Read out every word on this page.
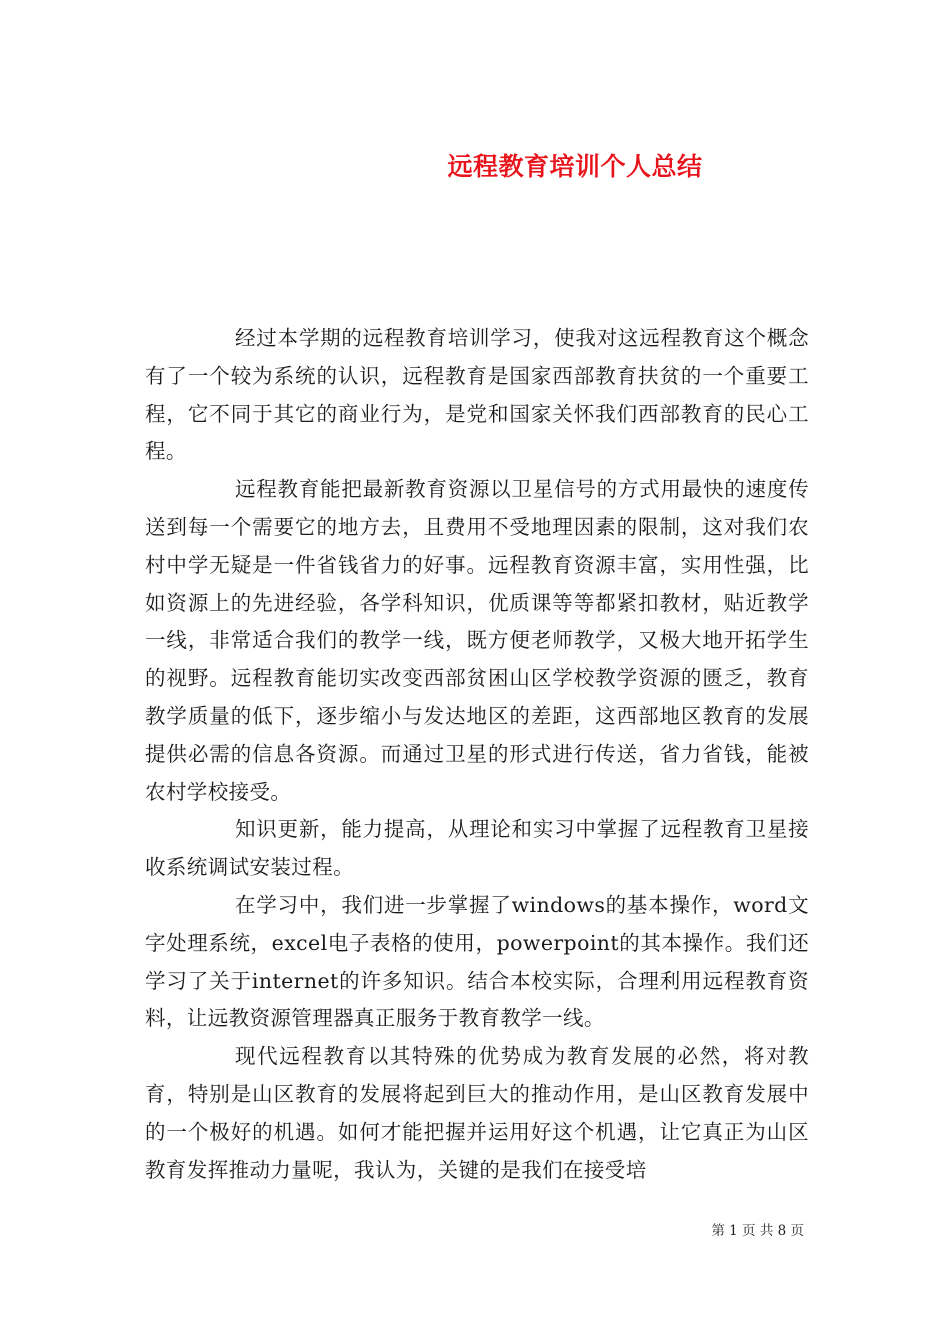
远程教育培训个人总结

经过本学期的远程教育培训学习，使我对这远程教育这个概念有了一个较为系统的认识，远程教育是国家西部教育扶贫的一个重要工程，它不同于其它的商业行为，是党和国家关怀我们西部教育的民心工程。

远程教育能把最新教育资源以卫星信号的方式用最快的速度传送到每一个需要它的地方去，且费用不受地理因素的限制，这对我们农村中学无疑是一件省钱省力的好事。远程教育资源丰富，实用性强，比如资源上的先进经验，各学科知识，优质课等等都紧扣教材，贴近教学一线，非常适合我们的教学一线，既方便老师教学，又极大地开拓学生的视野。远程教育能切实改变西部贫困山区学校教学资源的匮乏，教育教学质量的低下，逐步缩小与发达地区的差距，这西部地区教育的发展提供必需的信息各资源。而通过卫星的形式进行传送，省力省钱，能被农村学校接受。

知识更新，能力提高，从理论和实习中掌握了远程教育卫星接收系统调试安装过程。

在学习中，我们进一步掌握了windows的基本操作，word文字处理系统，excel电子表格的使用，powerpoint的其本操作。我们还学习了关于internet的许多知识。结合本校实际，合理利用远程教育资料，让远教资源管理器真正服务于教育教学一线。

现代远程教育以其特殊的优势成为教育发展的必然，将对教育，特别是山区教育的发展将起到巨大的推动作用，是山区教育发展中的一个极好的机遇。如何才能把握并运用好这个机遇，让它真正为山区教育发挥推动力量呢，我认为，关键的是我们在接受培

第 1 页 共 8 页
